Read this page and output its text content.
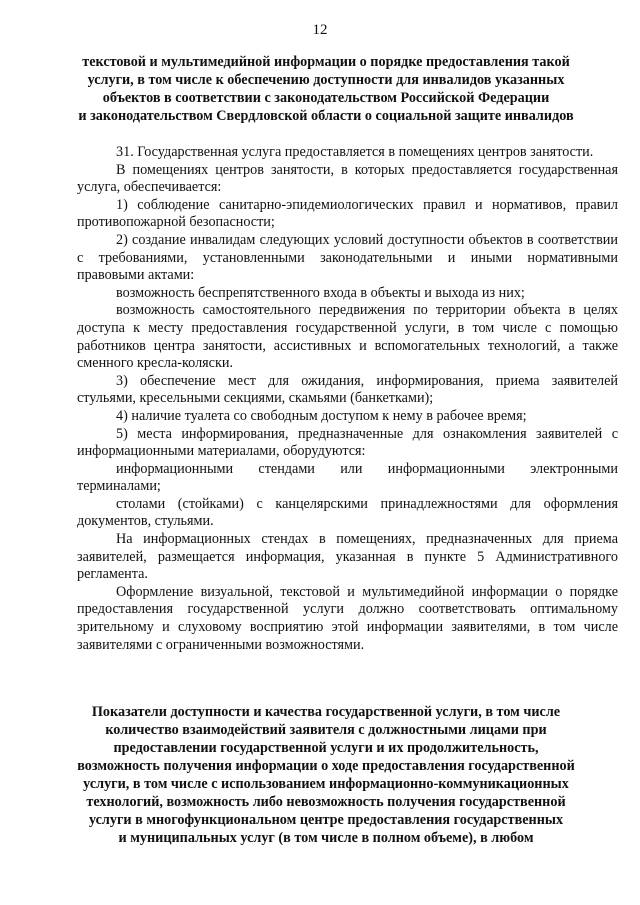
12
текстовой и мультимедийной информации о порядке предоставления такой
услуги, в том числе к обеспечению доступности для инвалидов указанных
объектов в соответствии с законодательством Российской Федерации
и законодательством Свердловской области о социальной защите инвалидов

31. Государственная услуга предоставляется в помещениях центров занятости.

В помещениях центров занятости, в которых предоставляется государственная услуга, обеспечивается:

1) соблюдение санитарно-эпидемиологических правил и нормативов, правил противопожарной безопасности;

2) создание инвалидам следующих условий доступности объектов в соответствии с требованиями, установленными законодательными и иными нормативными правовыми актами:

возможность беспрепятственного входа в объекты и выхода из них;

возможность самостоятельного передвижения по территории объекта в целях доступа к месту предоставления государственной услуги, в том числе с помощью работников центра занятости, ассистивных и вспомогательных технологий, а также сменного кресла-коляски.

3) обеспечение мест для ожидания, информирования, приема заявителей стульями, кресельными секциями, скамьями (банкетками);

4) наличие туалета со свободным доступом к нему в рабочее время;

5) места информирования, предназначенные для ознакомления заявителей с информационными материалами, оборудуются:

информационными стендами или информационными электронными терминалами;

столами (стойками) с канцелярскими принадлежностями для оформления документов, стульями.

На информационных стендах в помещениях, предназначенных для приема заявителей, размещается информация, указанная в пункте 5 Административного регламента.

Оформление визуальной, текстовой и мультимедийной информации о порядке предоставления государственной услуги должно соответствовать оптимальному зрительному и слуховому восприятию этой информации заявителями, в том числе заявителями с ограниченными возможностями.

Показатели доступности и качества государственной услуги, в том числе
количество взаимодействий заявителя с должностными лицами при
предоставлении государственной услуги и их продолжительность,
возможность получения информации о ходе предоставления государственной
услуги, в том числе с использованием информационно-коммуникационных
технологий, возможность либо невозможность получения государственной
услуги в многофункциональном центре предоставления государственных
и муниципальных услуг (в том числе в полном объеме), в любом
